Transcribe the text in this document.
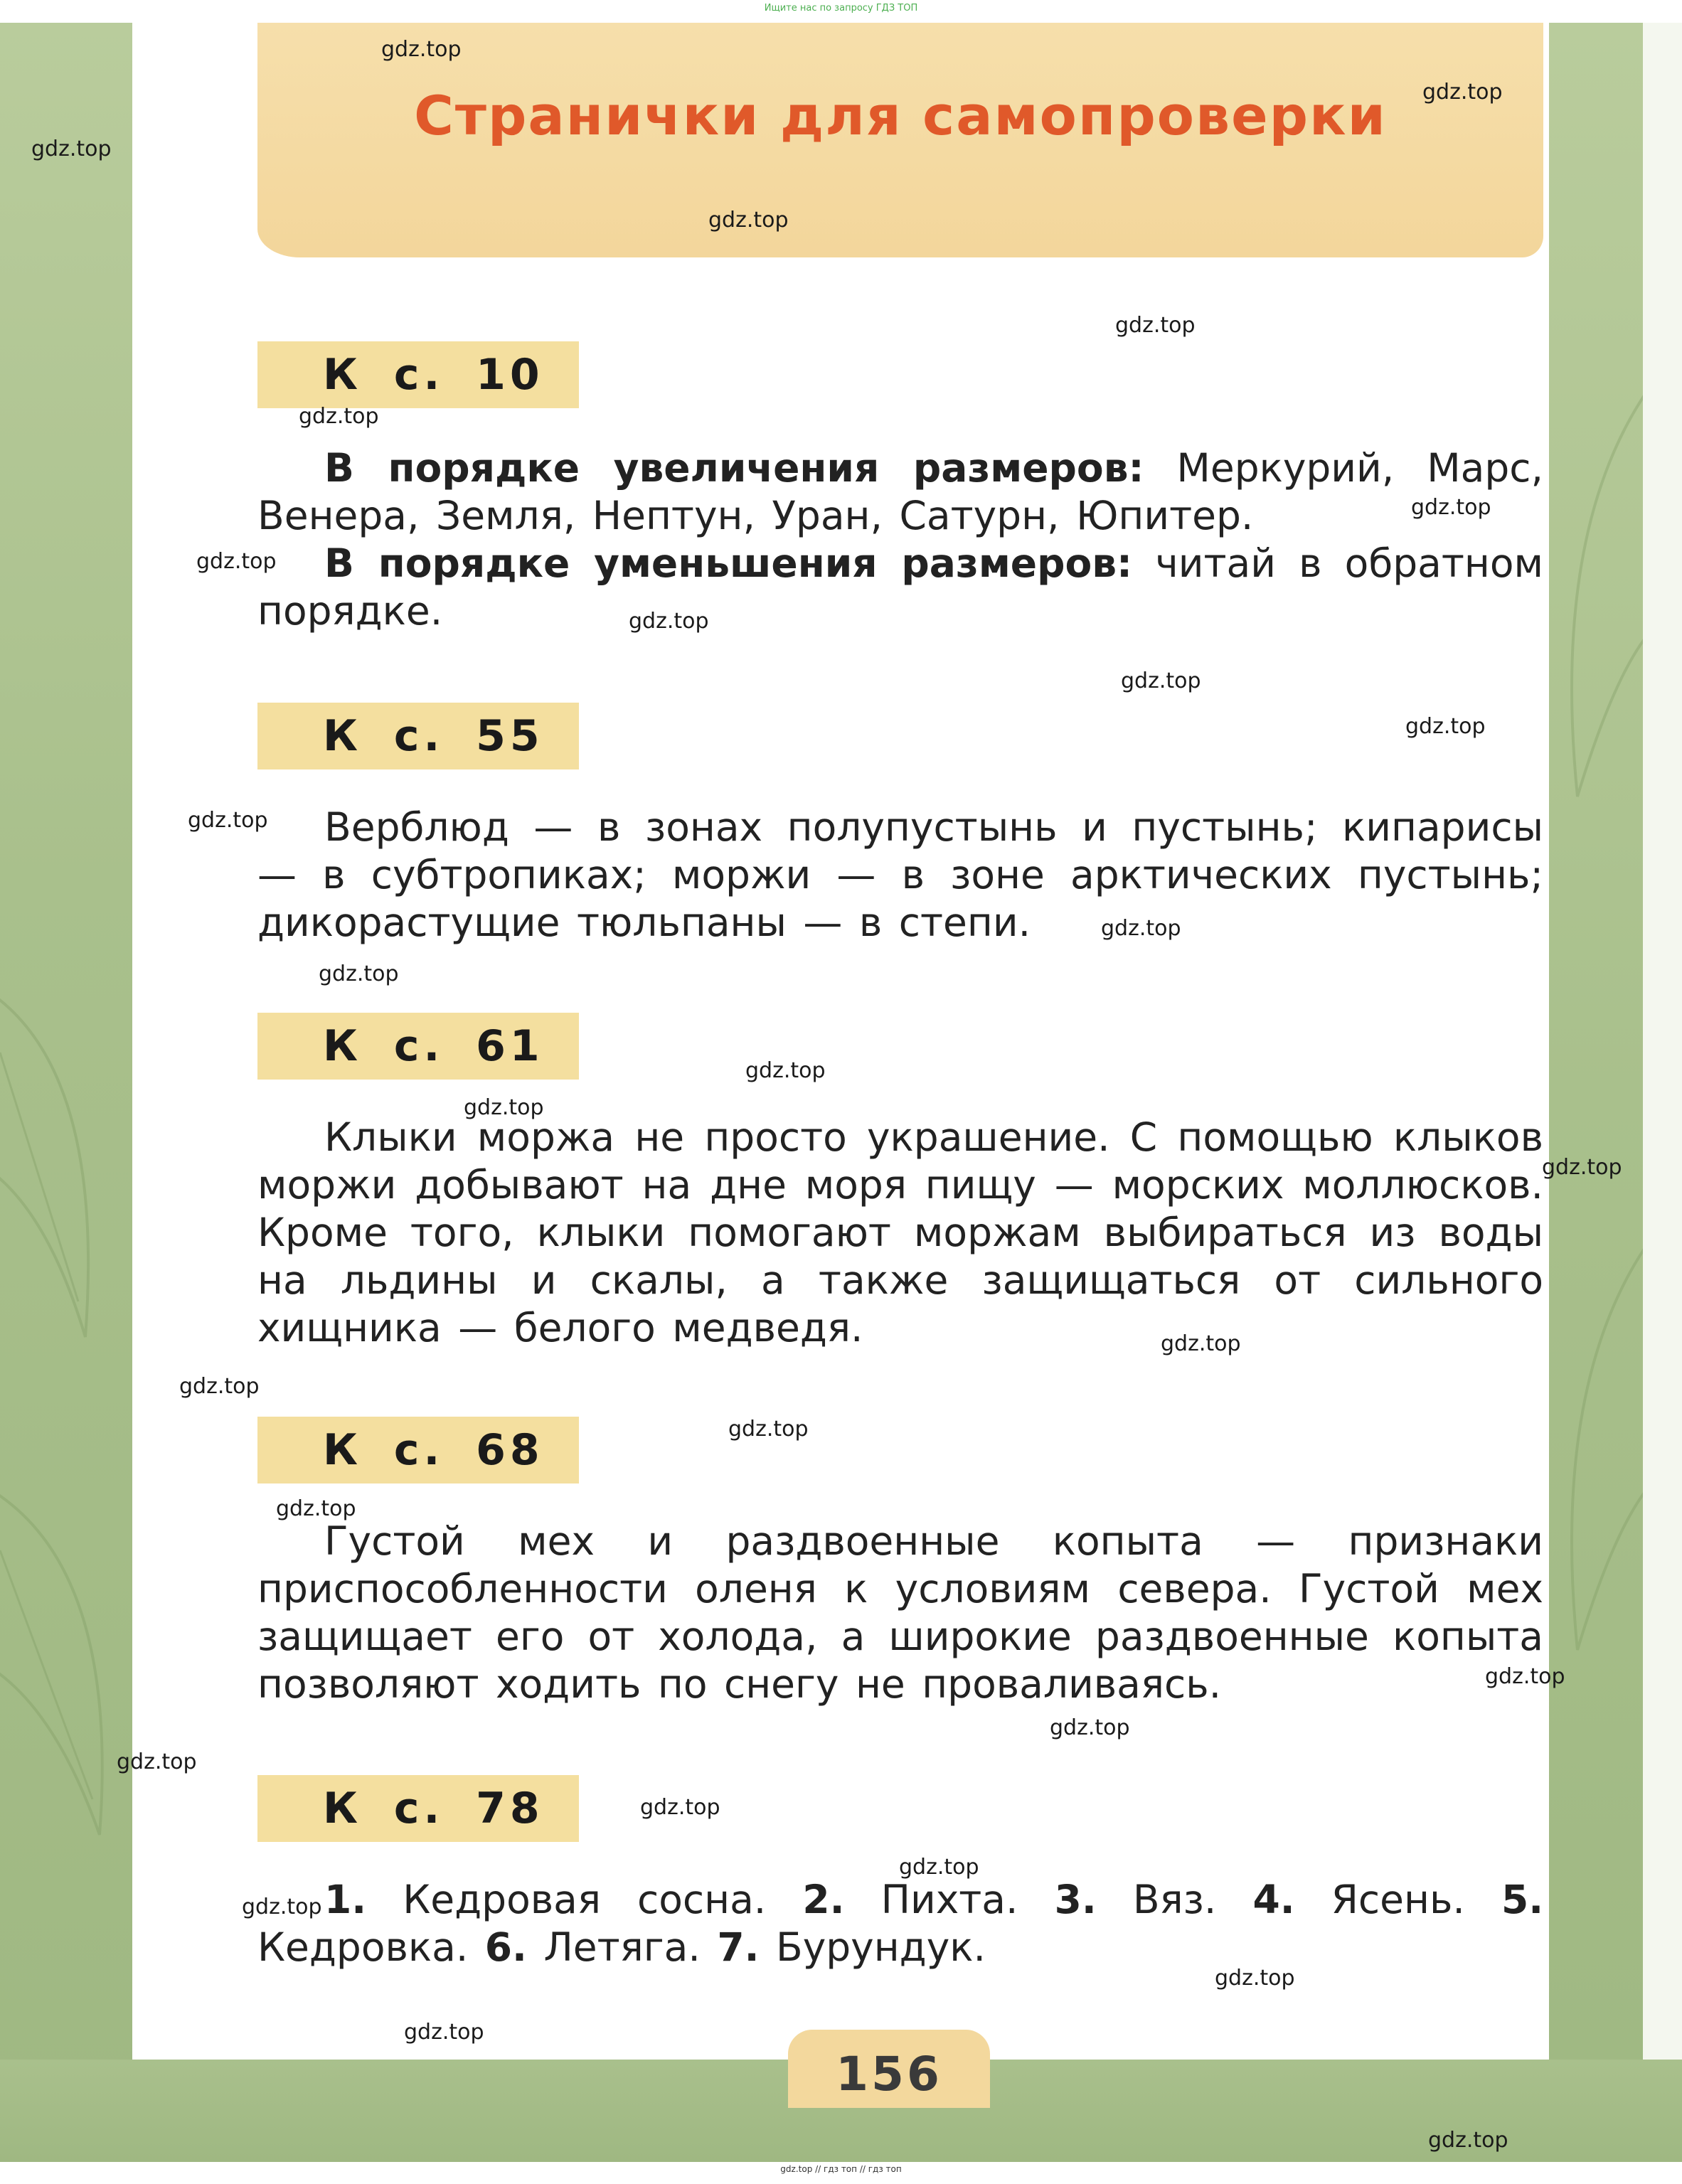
Ищите нас по запросу ГДЗ ТОП
Странички для самопроверки
К с. 10
В порядке увеличения размеров: Меркурий, Марс, Венера, Земля, Нептун, Уран, Сатурн, Юпитер.
В порядке уменьшения размеров: читай в обратном порядке.
К с. 55
Верблюд — в зонах полупустынь и пустынь; кипарисы — в субтропиках; моржи — в зоне арктических пустынь; дикорастущие тюльпаны — в степи.
К с. 61
Клыки моржа не просто украшение. С помощью клыков моржи добывают на дне моря пищу — морских моллюсков. Кроме того, клыки помогают моржам выбираться из воды на льдины и скалы, а также защищаться от сильного хищника — белого медведя.
К с. 68
Густой мех и раздвоенные копыта — признаки приспособленности оленя к условиям севера. Густой мех защищает его от холода, а широкие раздвоенные копыта позволяют ходить по снегу не проваливаясь.
К с. 78
1. Кедровая сосна. 2. Пихта. 3. Вяз. 4. Ясень. 5. Кедровка. 6. Летяга. 7. Бурундук.
156
gdz.top
gdz.top
gdz.top
gdz.top
gdz.top
gdz.top
gdz.top
gdz.top
gdz.top
gdz.top
gdz.top
gdz.top
gdz.top
gdz.top
gdz.top
gdz.top
gdz.top
gdz.top
gdz.top
gdz.top
gdz.top
gdz.top
gdz.top
gdz.top
gdz.top
gdz.top
gdz.top
gdz.top
gdz.top
gdz.top
gdz.top // гдз топ // гдз топ
